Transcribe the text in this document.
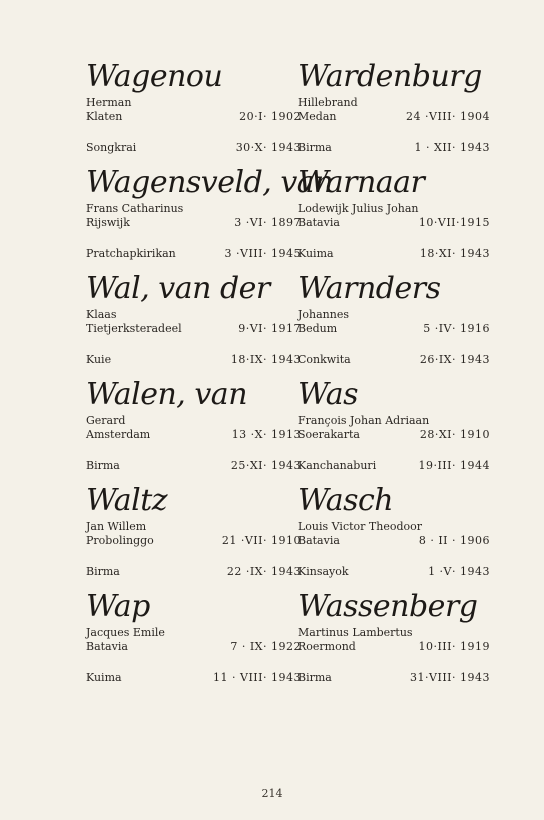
Wagenou
Herman
Klaten	20·I· 1902
Songkrai	30·X· 1943
Wagensveld, van
Frans Catharinus
Rijswijk	3 ·VI· 1897
Pratchapkirikan	3 ·VIII· 1945
Wal, van der
Klaas
Tietjerksteradeel	9·VI· 1917
Kuie	18·IX· 1943
Walen, van
Gerard
Amsterdam	13 ·X· 1913
Birma	25·XI· 1943
Waltz
Jan Willem
Probolinggo	21 ·VII· 1910
Birma	22 ·IX· 1943
Wap
Jacques Emile
Batavia	7 · IX· 1922
Kuima	11 · VIII· 1943
Wardenburg
Hillebrand
Medan	24 ·VIII· 1904
Birma	1 · XII· 1943
Warnaar
Lodewijk Julius Johan
Batavia	10·VII·1915
Kuima	18·XI· 1943
Warnders
Johannes
Bedum	5 ·IV· 1916
Conkwita	26·IX· 1943
Was
François Johan Adriaan
Soerakarta	28·XI· 1910
Kanchanaburi	19·III· 1944
Wasch
Louis Victor Theodoor
Batavia	8 · II · 1906
Kinsayok	1 ·V· 1943
Wassenberg
Martinus Lambertus
Roermond	10·III· 1919
Birma	31·VIII· 1943
214
